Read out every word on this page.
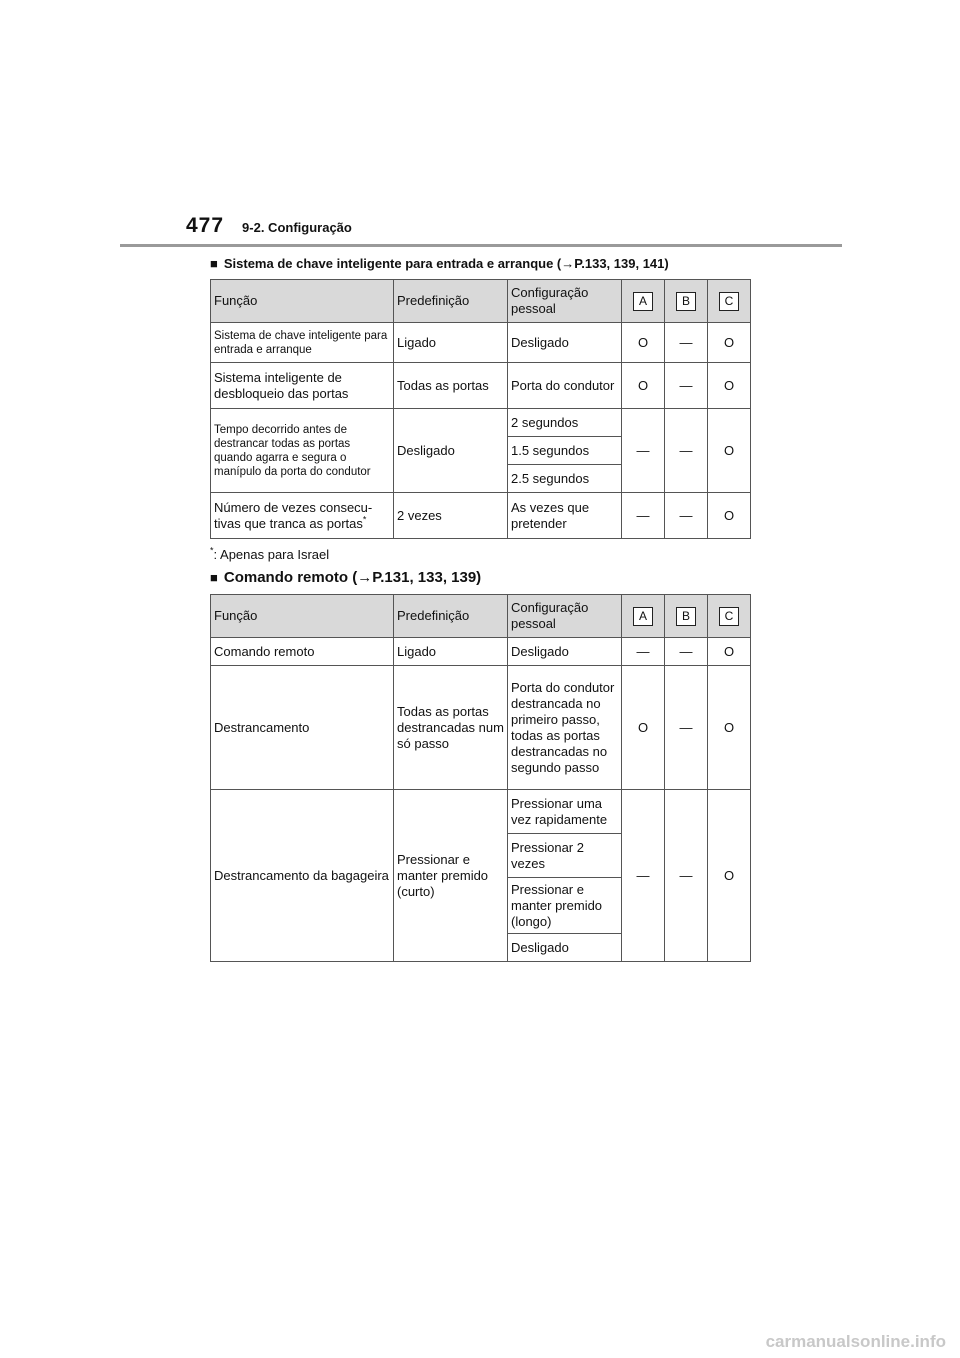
477 9-2. Configuração
■ Sistema de chave inteligente para entrada e arranque (→P.133, 139, 141)
Função	Predefinição	Configuração pessoal	A	B	C

Sistema de chave inteligente para entrada e arranque	Ligado	Desligado	O	—	O
Sistema inteligente de desbloqueio das portas	Todas as portas	Porta do condutor	O	—	O

Tempo decorrido antes de destrancar todas as portas quando agarra e segura o manípulo da porta do condutor	Desligado	2 segundos	—	—	O
		1.5 segundos			
		2.5 segundos			
Número de vezes consecu-tivas que tranca as portas*	2 vezes	As vezes que pretender	—	—	O
*: Apenas para Israel
■ Comando remoto (→P.131, 133, 139)
Função	Predefinição	Configuração pessoal	A	B	C
Comando remoto	Ligado	Desligado	—	—	O
Destrancamento	Todas as portas destrancadas num só passo	Porta do condutor destrancada no primeiro passo, todas as portas destrancadas no segundo passo	O	—	O
Destrancamento da bagageira	Pressionar e manter premido (curto)	Pressionar uma vez rapidamente	—	—	O
		Pressionar 2 vezes			
		Pressionar e manter premido (longo)			
		Desligado			
carmanualsonline.info
